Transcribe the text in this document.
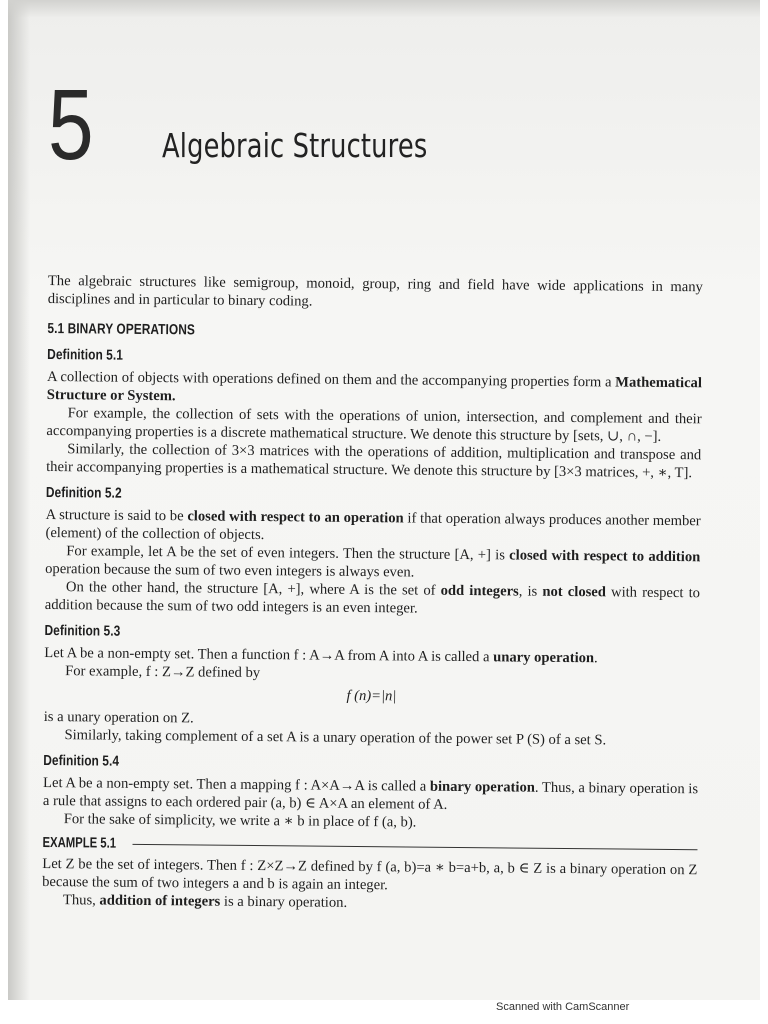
5 Algebraic Structures

The algebraic structures like semigroup, monoid, group, ring and field have wide applications in many disciplines and in particular to binary coding.

5.1 BINARY OPERATIONS
Definition 5.1

A collection of objects with operations defined on them and the accompanying properties form a Mathematical Structure or System.

For example, the collection of sets with the operations of union, intersection, and complement and their accompanying properties is a discrete mathematical structure. We denote this structure by [sets, ∪, ∩, −].

Similarly, the collection of 3×3 matrices with the operations of addition, multiplication and transpose and their accompanying properties is a mathematical structure. We denote this structure by [3×3 matrices, +, ∗, T].

Definition 5.2

A structure is said to be closed with respect to an operation if that operation always produces another member (element) of the collection of objects.

For example, let A be the set of even integers. Then the structure [A, +] is closed with respect to addition operation because the sum of two even integers is always even.

On the other hand, the structure [A, +], where A is the set of odd integers, is not closed with respect to addition because the sum of two odd integers is an even integer.

Definition 5.3

Let A be a non-empty set. Then a function f : A→A from A into A is called a unary operation.

For example, f : Z→Z defined by

f (n)=|n|

is a unary operation on Z.

Similarly, taking complement of a set A is a unary operation of the power set P (S) of a set S.

Definition 5.4

Let A be a non-empty set. Then a mapping f : A×A→A is called a binary operation. Thus, a binary operation is a rule that assigns to each ordered pair (a, b) ∈ A×A an element of A.

For the sake of simplicity, we write a ∗ b in place of f (a, b).

EXAMPLE 5.1

Let Z be the set of integers. Then f : Z×Z→Z defined by f (a, b)=a ∗ b=a+b, a, b ∈ Z is a binary operation on Z because the sum of two integers a and b is again an integer.

Thus, addition of integers is a binary operation.

Scanned with CamScanner
